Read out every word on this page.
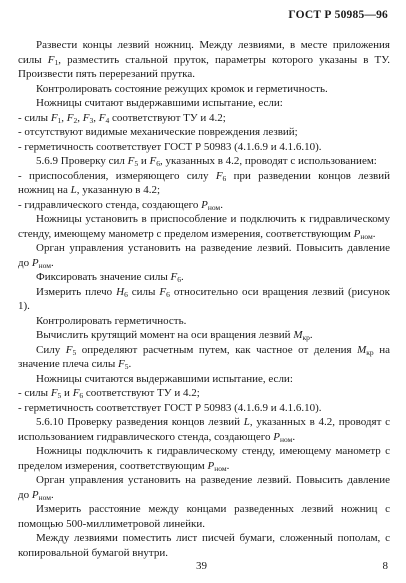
ГОСТ Р 50985—96

Развести концы лезвий ножниц. Между лезвиями, в месте приложения силы $F_1$, разместить стальной пруток, параметры которого указаны в ТУ. Произвести пять перерезаний прутка.

Контролировать состояние режущих кромок и герметичность.

Ножницы считают выдержавшими испытание, если:

- силы $F_1$, $F_2$, $F_3$, $F_4$ соответствуют ТУ и 4.2;

- отсутствуют видимые механические повреждения лезвий;

- герметичность соответствует ГОСТ Р 50983 (4.1.6.9 и 4.1.6.10).

5.6.9 Проверку сил $F_5$ и $F_6$, указанных в 4.2, проводят с использованием:

- приспособления, измеряющего силу $F_6$ при разведении концов лезвий ножниц на L, указанную в 4.2;

- гидравлического стенда, создающего $P_{ном}$.

Ножницы установить в приспособление и подключить к гидравлическому стенду, имеющему манометр с пределом измерения, соответствующим $P_{ном}$.

Орган управления установить на разведение лезвий. Повысить давление до $P_{ном}$.

Фиксировать значение силы $F_6$.

Измерить плечо $H_6$ силы $F_6$ относительно оси вращения лезвий (рисунок 1).

Контролировать герметичность.

Вычислить крутящий момент на оси вращения лезвий $M_{кр}$.

Силу $F_5$ определяют расчетным путем, как частное от деления $M_{кр}$ на значение плеча силы $F_5$.

Ножницы считаются выдержавшими испытание, если:

- силы $F_5$ и $F_6$ соответствуют ТУ и 4.2;

- герметичность соответствует ГОСТ Р 50983 (4.1.6.9 и 4.1.6.10).

5.6.10 Проверку разведения концов лезвий L, указанных в 4.2, проводят с использованием гидравлического стенда, создающего $P_{ном}$.

Ножницы подключить к гидравлическому стенду, имеющему манометр с пределом измерения, соответствующим $P_{ном}$.

Орган управления установить на разведение лезвий. Повысить давление до $P_{ном}$.

Измерить расстояние между концами разведенных лезвий ножниц с помощью 500-миллиметровой линейки.

Между лезвиями поместить лист писчей бумаги, сложенный пополам, с копировальной бумагой внутри.

39	8
